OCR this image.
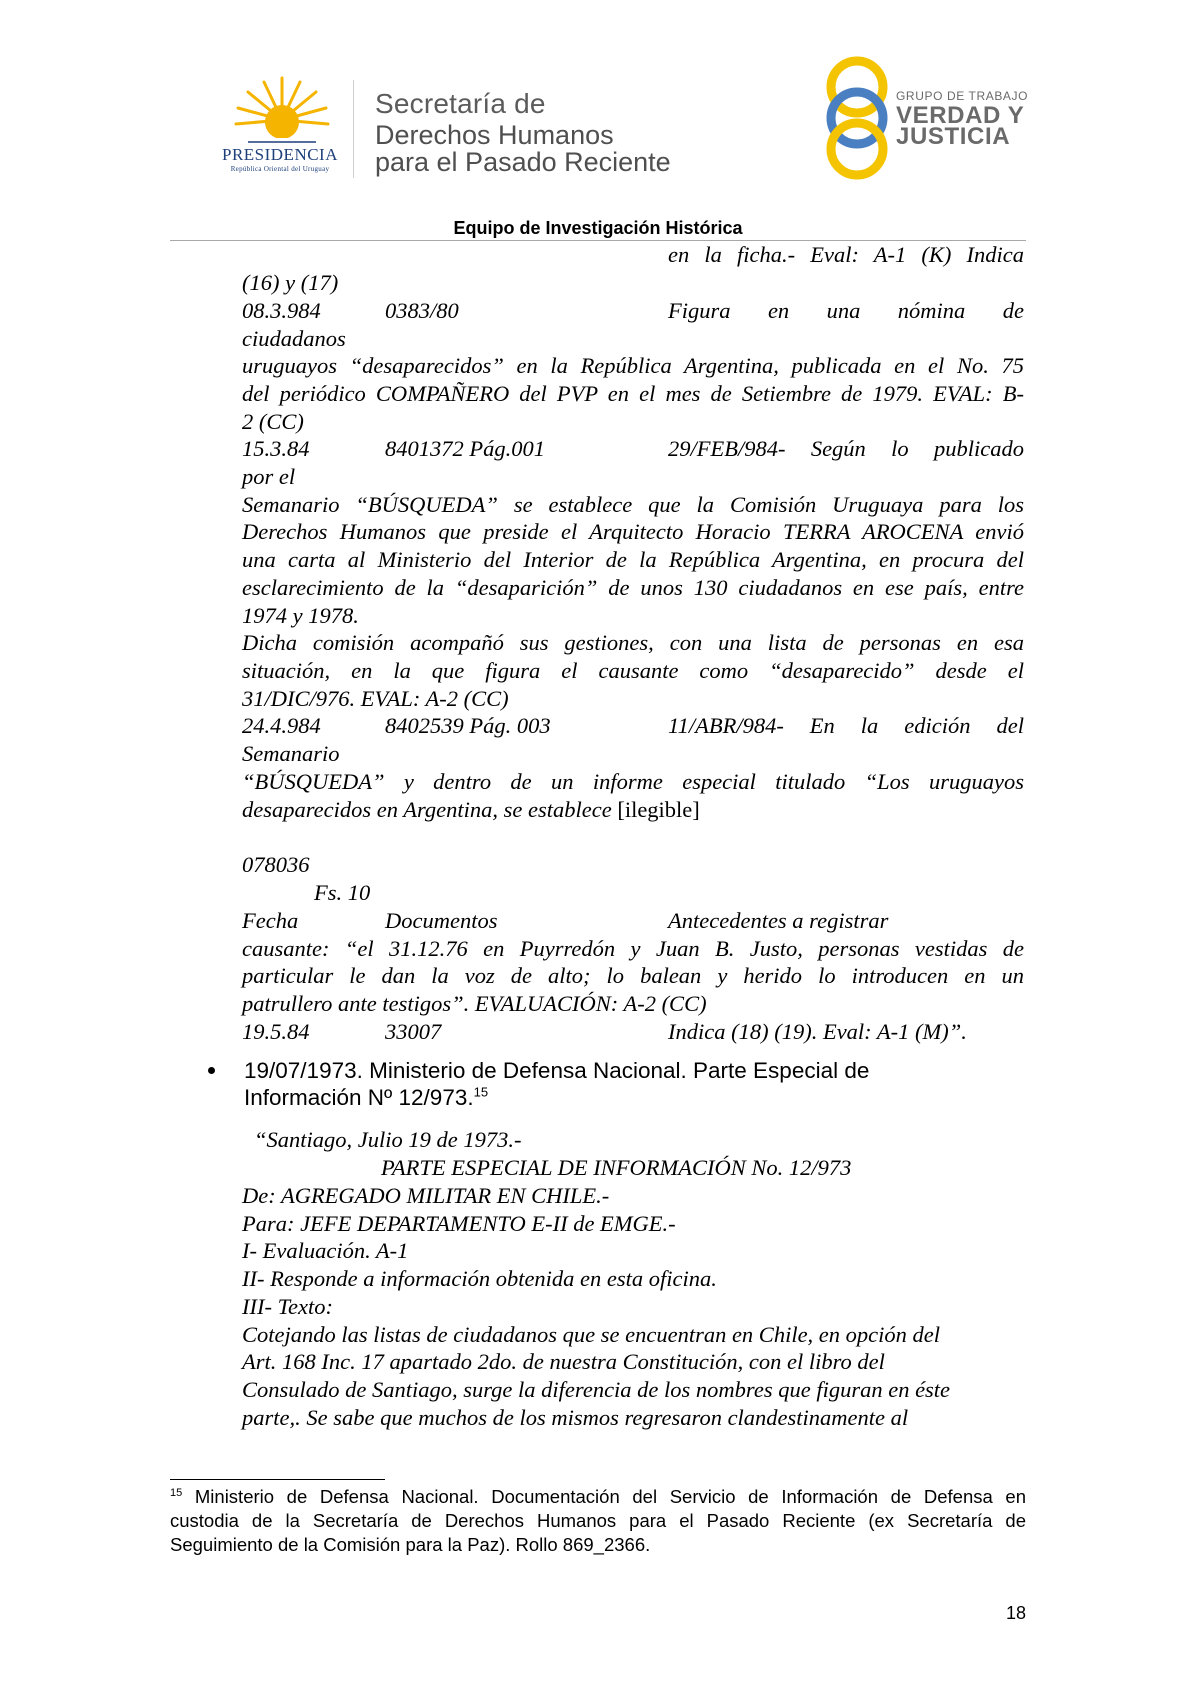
PRESIDENCIA
República Oriental del Uruguay
Secretaría de
Derechos Humanos
para el Pasado Reciente
GRUPO DE TRABAJO
VERDAD Y
JUSTICIA
Equipo de Investigación Histórica
en la ficha.- Eval: A-1 (K) Indica
(16) y (17)
08.3.984	0383/80	Figura en una nómina de
ciudadanos
uruguayos “desaparecidos” en la República Argentina, publicada en el No. 75
del periódico COMPAÑERO del PVP en el mes de Setiembre de 1979. EVAL: B-
2 (CC)
15.3.84	8401372 Pág.001	29/FEB/984- Según lo publicado
por el
Semanario “BÚSQUEDA” se establece que la Comisión Uruguaya para los
Derechos Humanos que preside el Arquitecto Horacio TERRA AROCENA envió
una carta al Ministerio del Interior de la República Argentina, en procura del
esclarecimiento de la “desaparición” de unos 130 ciudadanos en ese país, entre
1974 y 1978.
Dicha comisión acompañó sus gestiones, con una lista de personas en esa
situación, en la que figura el causante como “desaparecido” desde el
31/DIC/976. EVAL: A-2 (CC)
24.4.984	8402539 Pág. 003	11/ABR/984- En la edición del
Semanario
“BÚSQUEDA” y dentro de un informe especial titulado “Los uruguayos
desaparecidos en Argentina, se establece [ilegible]
078036
Fs. 10
Fecha	Documentos	Antecedentes a registrar
causante: “el 31.12.76 en Puyrredón y Juan B. Justo, personas vestidas de
particular le dan la voz de alto; lo balean y herido lo introducen en un
patrullero ante testigos”. EVALUACIÓN: A-2 (CC)
19.5.84	33007	Indica (18) (19). Eval: A-1 (M)”.
19/07/1973. Ministerio de Defensa Nacional. Parte Especial de
Información Nº 12/973.15
“Santiago, Julio 19 de 1973.-
PARTE ESPECIAL DE INFORMACIÓN No. 12/973
De: AGREGADO MILITAR EN CHILE.-
Para: JEFE DEPARTAMENTO E-II de EMGE.-
I- Evaluación. A-1
II- Responde a información obtenida en esta oficina.
III- Texto:
Cotejando las listas de ciudadanos que se encuentran en Chile, en opción del
Art. 168 Inc. 17 apartado 2do. de nuestra Constitución, con el libro del
Consulado de Santiago, surge la diferencia de los nombres que figuran en éste
parte,. Se sabe que muchos de los mismos regresaron clandestinamente al
$^{15}$ Ministerio de Defensa Nacional. Documentación del Servicio de Información de Defensa en
custodia de la Secretaría de Derechos Humanos para el Pasado Reciente (ex Secretaría de
Seguimiento de la Comisión para la Paz). Rollo 869_2366.
18
